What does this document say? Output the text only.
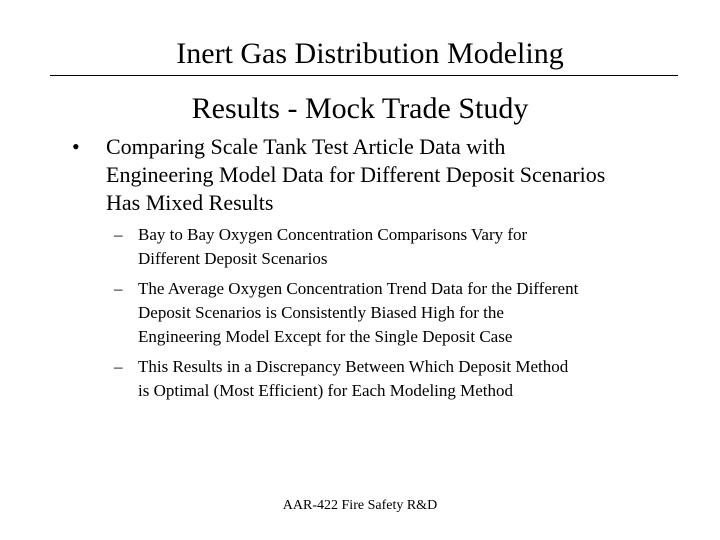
Inert Gas Distribution Modeling
Results - Mock Trade Study
• Comparing Scale Tank Test Article Data with
Engineering Model Data for Different Deposit Scenarios
Has Mixed Results
– Bay to Bay Oxygen Concentration Comparisons Vary for
Different Deposit Scenarios
– The Average Oxygen Concentration Trend Data for the Different
Deposit Scenarios is Consistently Biased High for the
Engineering Model Except for the Single Deposit Case
– This Results in a Discrepancy Between Which Deposit Method
is Optimal (Most Efficient) for Each Modeling Method
AAR-422 Fire Safety R&D
